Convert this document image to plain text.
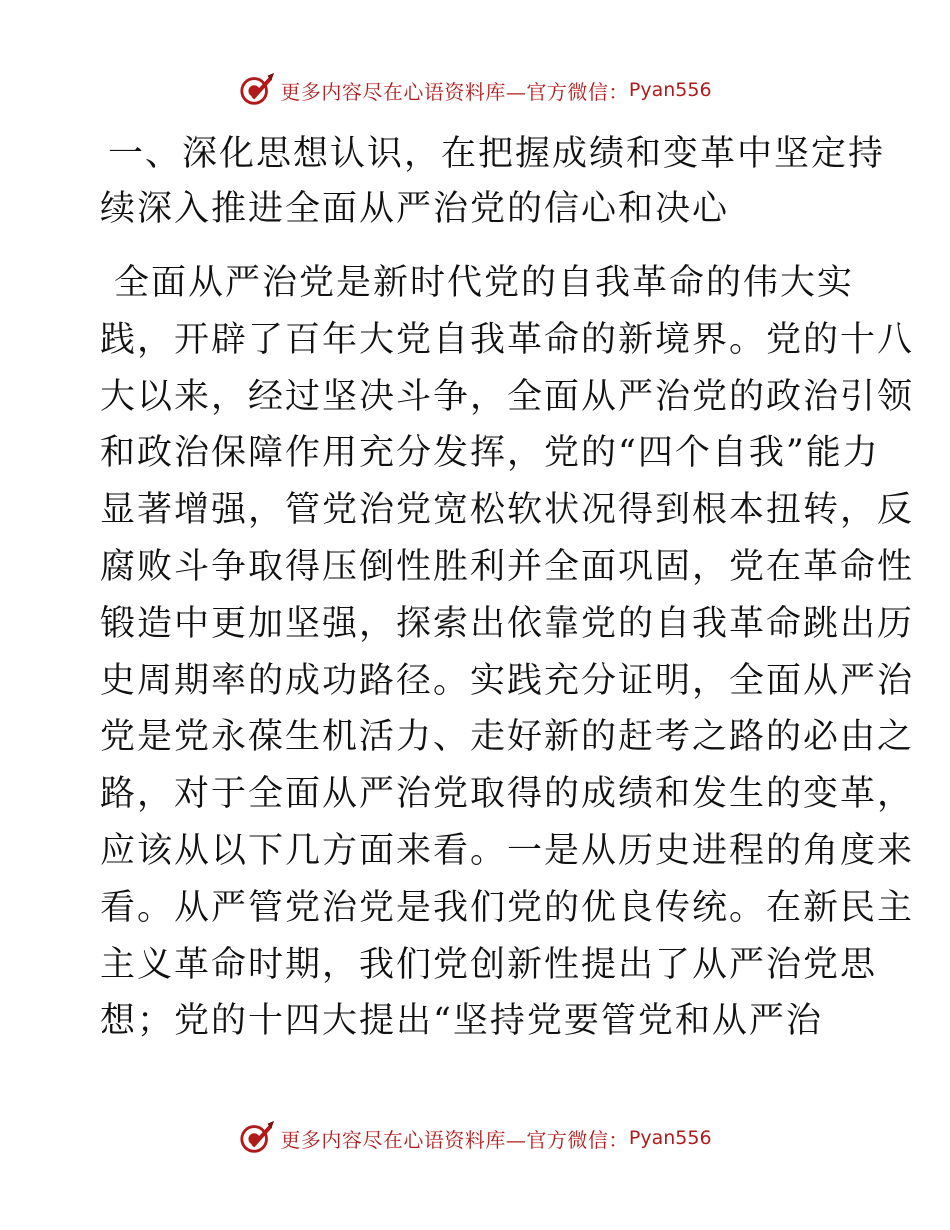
更多内容尽在心语资料库— 官方微信： Pyan556
一、深化思想认识，在把握成绩和变革中坚定持
续深入推进全面从严治党的信心和决心
全面从严治党是新时代党的自我革命的伟大实
践，开辟了百年大党自我革命的新境界。党的十八
大以来，经过坚决斗争，全面从严治党的政治引领
和政治保障作用充分发挥，党的“四个自我”能力
显著增强，管党治党宽松软状况得到根本扭转，反
腐败斗争取得压倒性胜利并全面巩固，党在革命性
锻造中更加坚强，探索出依靠党的自我革命跳出历
史周期率的成功路径。实践充分证明，全面从严治
党是党永葆生机活力、走好新的赶考之路的必由之
路，对于全面从严治党取得的成绩和发生的变革，
应该从以下几方面来看。一是从历史进程的角度来
看。从严管党治党是我们党的优良传统。在新民主
主义革命时期，我们党创新性提出了从严治党思
想；党的十四大提出“坚持党要管党和从严治
更多内容尽在心语资料库— 官方微信： Pyan556
